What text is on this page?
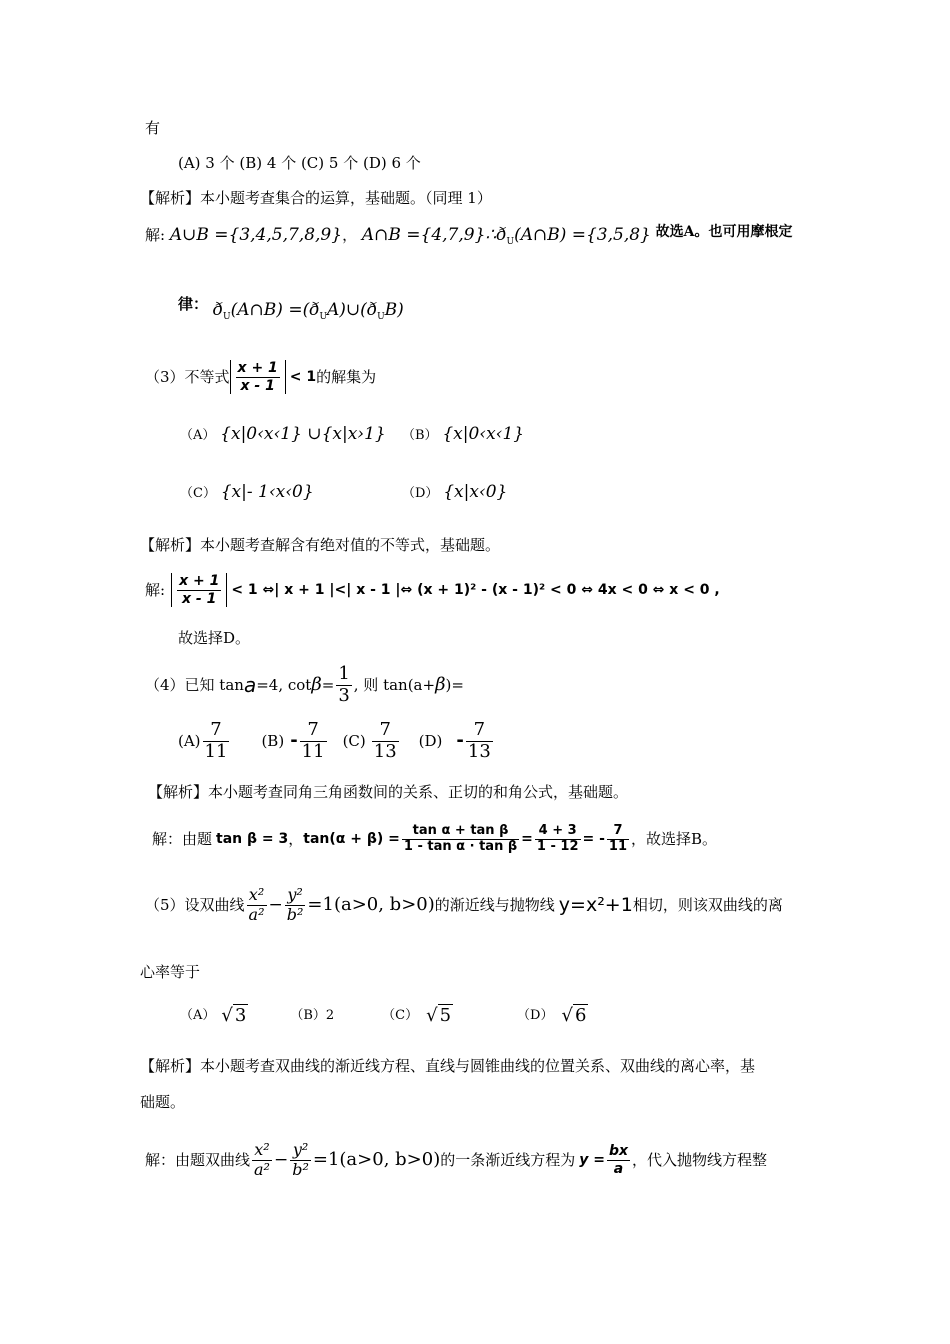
有
(A) 3 个 (B) 4 个 (C) 5 个 (D) 6 个
【解析】本小题考查集合的运算，基础题。（同理 1）
解: A∪B ={3,4,5,7,8,9}， A∩B $=\{4,7,9\}\therefore ð_U(A\cap B) =\{3,5,8\}$ 故选A。也可用摩根定
律： $ð_U(A\cap B)$ $=(ð_UA)\cup(ð_UB)$
（3）不等式 $\frac{x + 1}{x - 1} < 1$ 的解集为
（A） {x|0‹x‹1} ∪{x|x›1} （B） {x|0‹x‹1}
（C） {x|- 1‹x‹0}	（D） {x|x‹0}
【解析】本小题考查解含有绝对值的不等式，基础题。
解: $\frac{x + 1}{x - 1} < 1$ ⇔| x + 1 |<| x - 1 |⇔ (x + 1)² - (x - 1)² < 0 ⇔ 4x < 0 ⇔ x < 0 ,
故选择D。
（4）已知 tan a =4, $\cot \beta = \frac{1}{3}$ , 则 tan(a+ β )=
$(A) \frac{7}{11} (B) - \frac{7}{11} (C) \frac{7}{13} (D) - \frac{7}{13}$
【解析】本小题考查同角三角函数间的关系、正切的和角公式，基础题。
解：由题 tan β = 3 ， $\tan(\alpha + \beta) = \frac{\text{tan α + tan β}}{\text{1 - tan α · tan β}} = \frac{4 + 3}{1 - 12}$ = - $\frac{7}{11}$ ，故选择B。
（5）设双曲线 $\frac{\text{x²}}{\text{a²}} - \frac{\text{y²}}{\text{b²}} =1(a>0$, b>0) 的渐近线与抛物线 y=x²+1 相切，则该双曲线的离
心率等于
（A） √ 3	（B）2	（C） √ 5	（D） √ 6
【解析】本小题考查双曲线的渐近线方程、直线与圆锥曲线的位置关系、双曲线的离心率，基
础题。
解：由题双曲线 $\frac{\text{x²}}{\text{a²}} - \frac{\text{y²}}{\text{b²}} =1(a>0$, b>0) 的一条渐近线方程为 $y = \frac{bx}{a}$ ，代入抛物线方程整
